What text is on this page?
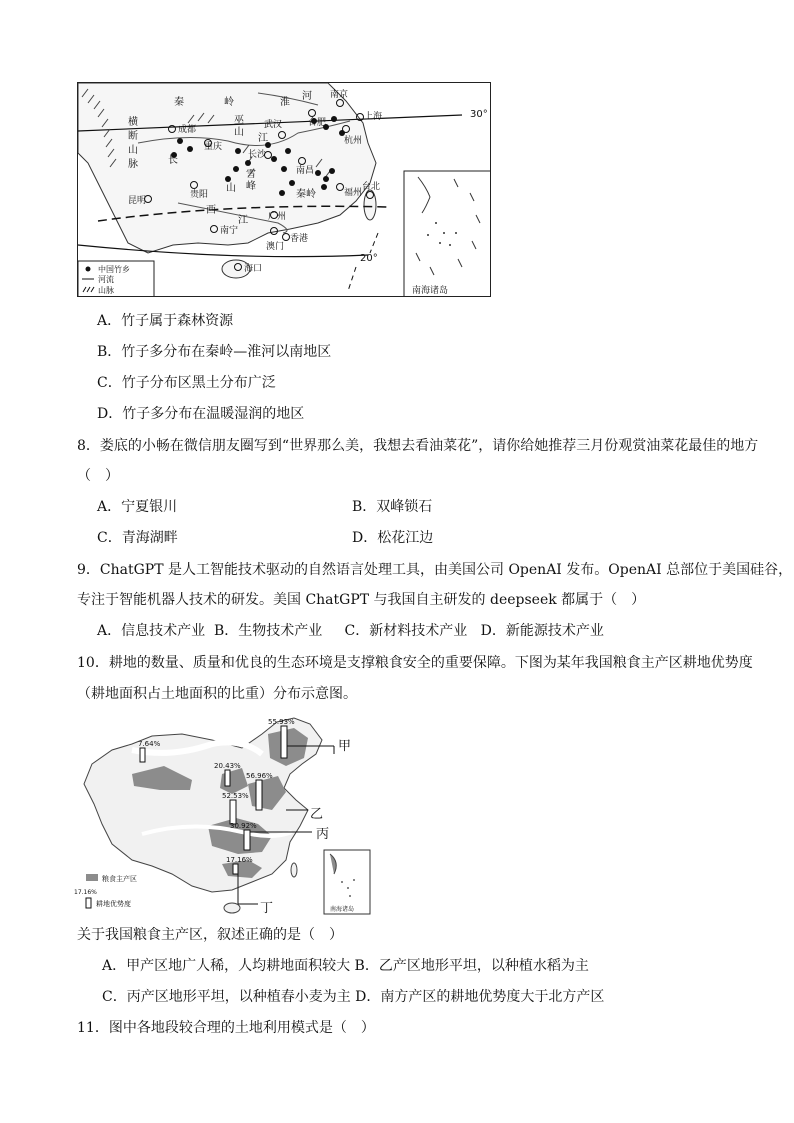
30°
20°
秦	岭	淮
河
巫
山
江
横
断
山
脉	长
雪
峰
山
秦岭
西
江
南海诸岛
中国竹乡
河流
山脉
成都
重庆
武汉	合肥
南京
上海
杭州
长沙
南昌
福州
台北
贵阳
昆明
南宁
广州
香港
澳门
海口
A．竹子属于森林资源
B．竹子多分布在秦岭—淮河以南地区
C．竹子分布区黑土分布广泛
D．竹子多分布在温暖湿润的地区
8．娄底的小畅在微信朋友圈写到“世界那么美，我想去看油菜花”，请你给她推荐三月份观赏油菜花最佳的地方
（　）
A．宁夏银川	B．双峰锁石
C．青海湖畔	D．松花江边
9．ChatGPT 是人工智能技术驱动的自然语言处理工具，由美国公司 OpenAI 发布。OpenAI 总部位于美国硅谷，
专注于智能机器人技术的研发。美国 ChatGPT 与我国自主研发的 deepseek 都属于（　）
A．信息技术产业  B．生物技术产业     C．新材料技术产业   D．新能源技术产业
10．耕地的数量、质量和优良的生态环境是支撑粮食安全的重要保障。下图为某年我国粮食主产区耕地优势度
（耕地面积占土地面积的比重）分布示意图。
7.64%
55.93%
20.43%
56.96%
52.53%
30.92%
17.16%
甲
乙
丙
丁
粮食主产区
17.16%
耕地优势度
南海诸岛
关于我国粮食主产区，叙述正确的是（　）
A．甲产区地广人稀，人均耕地面积较大 B．乙产区地形平坦，以种植水稻为主
C．丙产区地形平坦，以种植春小麦为主 D．南方产区的耕地优势度大于北方产区
11．图中各地段较合理的土地利用模式是（　）
